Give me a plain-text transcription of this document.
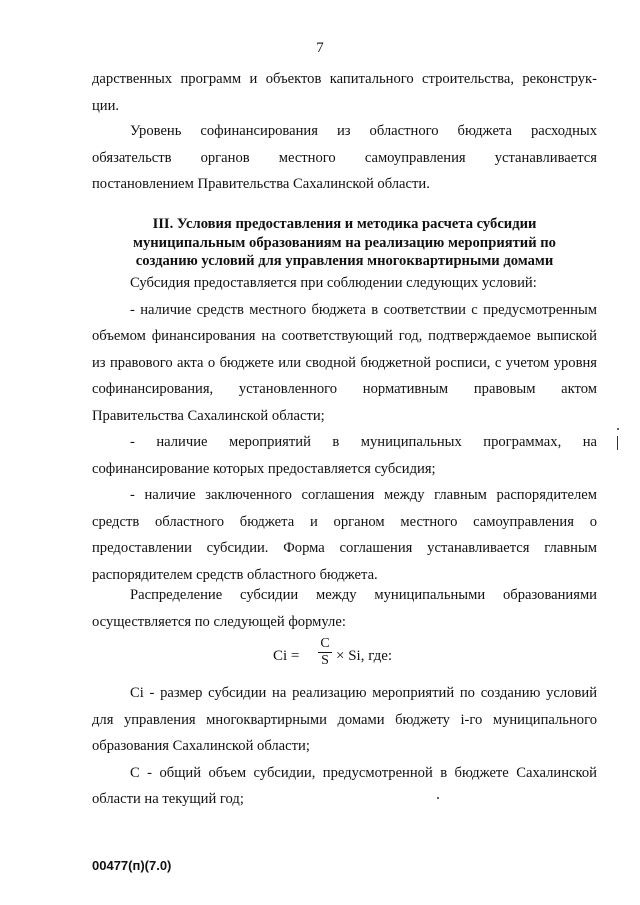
7

дарственных программ и объектов капитального строительства, реконструк-

ции.

Уровень софинансирования из областного бюджета расходных обязательств органов местного самоуправления устанавливается постановлением Правительства Сахалинской области.

III. Условия предоставления и методика расчета субсидии
муниципальным образованиям на реализацию мероприятий по
созданию условий для управления многоквартирными домами

Субсидия предоставляется при соблюдении следующих условий:

- наличие средств местного бюджета в соответствии с предусмотренным объемом финансирования на соответствующий год, подтверждаемое выпиской из правового акта о бюджете или сводной бюджетной росписи, с учетом уровня софинансирования, установленного нормативным правовым актом Правительства Сахалинской области;

- наличие мероприятий в муниципальных программах, на софинансирование которых предоставляется субсидия;

- наличие заключенного соглашения между главным распорядителем средств областного бюджета и органом местного самоуправления о предоставлении субсидии. Форма соглашения устанавливается главным распорядителем средств областного бюджета.

Распределение субсидии между муниципальными образованиями осуществляется по следующей формуле:

$Ci = \frac{C}{S} \times Si$, где:

Ci - размер субсидии на реализацию мероприятий по созданию условий для управления многоквартирными домами бюджету i-го муниципального образования Сахалинской области;

C - общий объем субсидии, предусмотренной в бюджете Сахалинской области на текущий год;

00477(п)(7.0)
